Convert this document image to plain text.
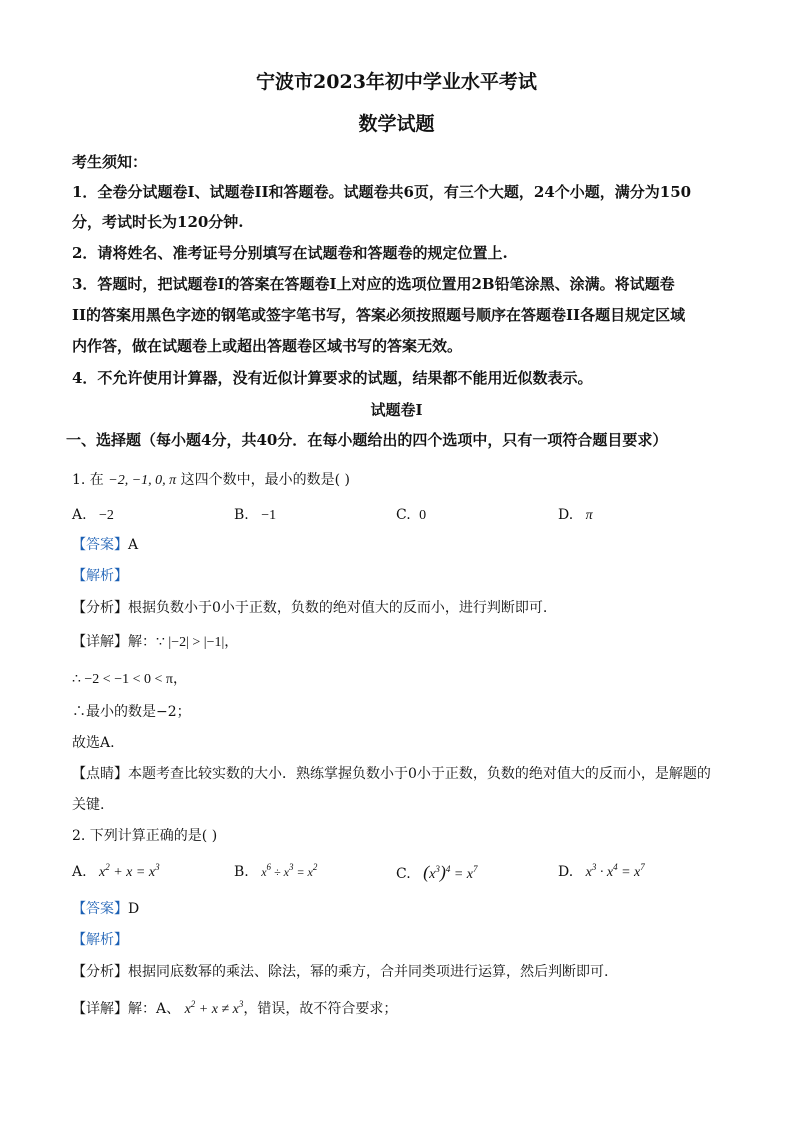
宁波市2023年初中学业水平考试
数学试题
考生须知：
1．全卷分试题卷I、试题卷II和答题卷。试题卷共6页，有三个大题，24个小题，满分为150
分，考试时长为120分钟.
2．请将姓名、准考证号分别填写在试题卷和答题卷的规定位置上.
3．答题时，把试题卷I的答案在答题卷I上对应的选项位置用2B铅笔涂黑、涂满。将试题卷
II的答案用黑色字迹的钢笔或签字笔书写，答案必须按照题号顺序在答题卷II各题目规定区域
内作答，做在试题卷上或超出答题卷区域书写的答案无效。
4．不允许使用计算器，没有近似计算要求的试题，结果都不能用近似数表示。
试题卷I
一、选择题（每小题4分，共40分．在每小题给出的四个选项中，只有一项符合题目要求）
1. 在 −2, −1, 0, π 这四个数中，最小的数是( )
A. −2	B. −1	C. 0	D. π
【答案】A
【解析】
【分析】根据负数小于0小于正数，负数的绝对值大的反而小，进行判断即可.
【详解】解：∵ |−2| > |−1|，
∴ −2 < −1 < 0 < π，
∴最小的数是−2；
故选A.
【点睛】本题考查比较实数的大小．熟练掌握负数小于0小于正数，负数的绝对值大的反而小，是解题的
关键.
2. 下列计算正确的是( )
A. $x^2 + x = x^3$	B. $x^6 \div x^3 = x^2$	C. $(x^3)^4 = x^7$	D. $x^3 \cdot x^4 = x^7$
【答案】D
【解析】
【分析】根据同底数幂的乘法、除法，幂的乘方，合并同类项进行运算，然后判断即可.
【详解】解：A、 $x^2 + x \ne x^3$，错误，故不符合要求；
